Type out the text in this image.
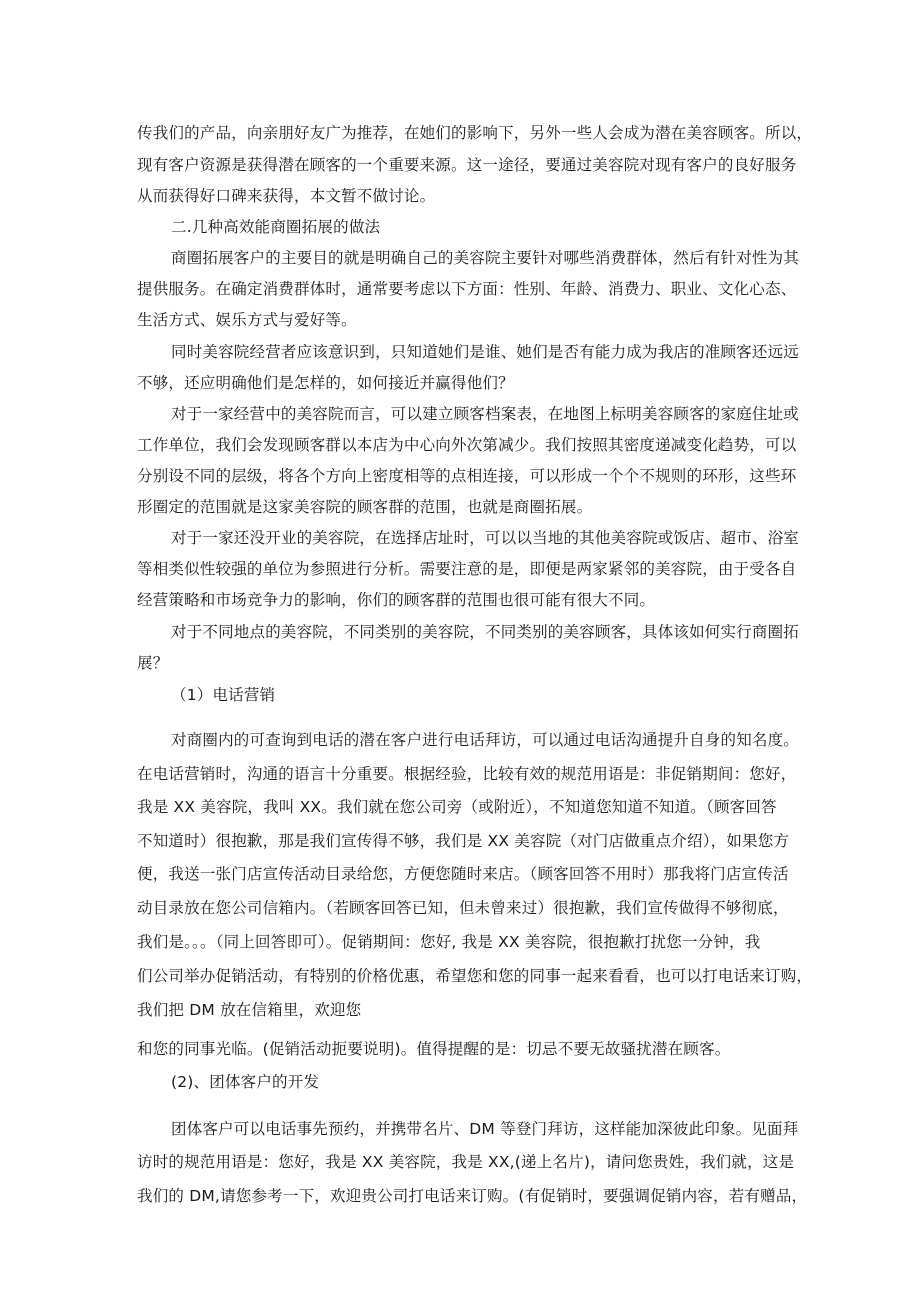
传我们的产品，向亲朋好友广为推荐，在她们的影响下，另外一些人会成为潜在美容顾客。所以，
现有客户资源是获得潜在顾客的一个重要来源。这一途径，要通过美容院对现有客户的良好服务
从而获得好口碑来获得，本文暂不做讨论。
二.几种高效能商圈拓展的做法
商圈拓展客户的主要目的就是明确自己的美容院主要针对哪些消费群体，然后有针对性为其
提供服务。在确定消费群体时，通常要考虑以下方面：性别、年龄、消费力、职业、文化心态、
生活方式、娱乐方式与爱好等。
同时美容院经营者应该意识到，只知道她们是谁、她们是否有能力成为我店的准顾客还远远
不够，还应明确他们是怎样的，如何接近并赢得他们？
对于一家经营中的美容院而言，可以建立顾客档案表，在地图上标明美容顾客的家庭住址或
工作单位，我们会发现顾客群以本店为中心向外次第减少。我们按照其密度递减变化趋势，可以
分别设不同的层级，将各个方向上密度相等的点相连接，可以形成一个个不规则的环形，这些环
形圈定的范围就是这家美容院的顾客群的范围，也就是商圈拓展。
对于一家还没开业的美容院，在选择店址时，可以以当地的其他美容院或饭店、超市、浴室
等相类似性较强的单位为参照进行分析。需要注意的是，即便是两家紧邻的美容院，由于受各自
经营策略和市场竞争力的影响，你们的顾客群的范围也很可能有很大不同。
对于不同地点的美容院，不同类别的美容院，不同类别的美容顾客，具体该如何实行商圈拓
展？
（1）电话营销
对商圈内的可查询到电话的潜在客户进行电话拜访，可以通过电话沟通提升自身的知名度。
在电话营销时，沟通的语言十分重要。根据经验，比较有效的规范用语是：非促销期间：您好，
我是 XX 美容院，我叫 XX。我们就在您公司旁（或附近），不知道您知道不知道。（顾客回答
不知道时）很抱歉，那是我们宣传得不够，我们是 XX 美容院（对门店做重点介绍），如果您方
便，我送一张门店宣传活动目录给您，方便您随时来店。（顾客回答不用时）那我将门店宣传活
动目录放在您公司信箱内。（若顾客回答已知，但未曾来过）很抱歉，我们宣传做得不够彻底，
我们是。。。（同上回答即可）。促销期间：您好, 我是 XX 美容院，很抱歉打扰您一分钟，我
们公司举办促销活动，有特别的价格优惠，希望您和您的同事一起来看看，也可以打电话来订购，
我们把 DM 放在信箱里，欢迎您
和您的同事光临。(促销活动扼要说明)。值得提醒的是：切忌不要无故骚扰潜在顾客。
(2)、团体客户的开发
团体客户可以电话事先预约，并携带名片、DM 等登门拜访，这样能加深彼此印象。见面拜
访时的规范用语是：您好，我是 XX 美容院，我是 XX,(递上名片)，请问您贵姓，我们就，这是
我们的 DM,请您参考一下，欢迎贵公司打电话来订购。(有促销时，要强调促销内容，若有赠品，
